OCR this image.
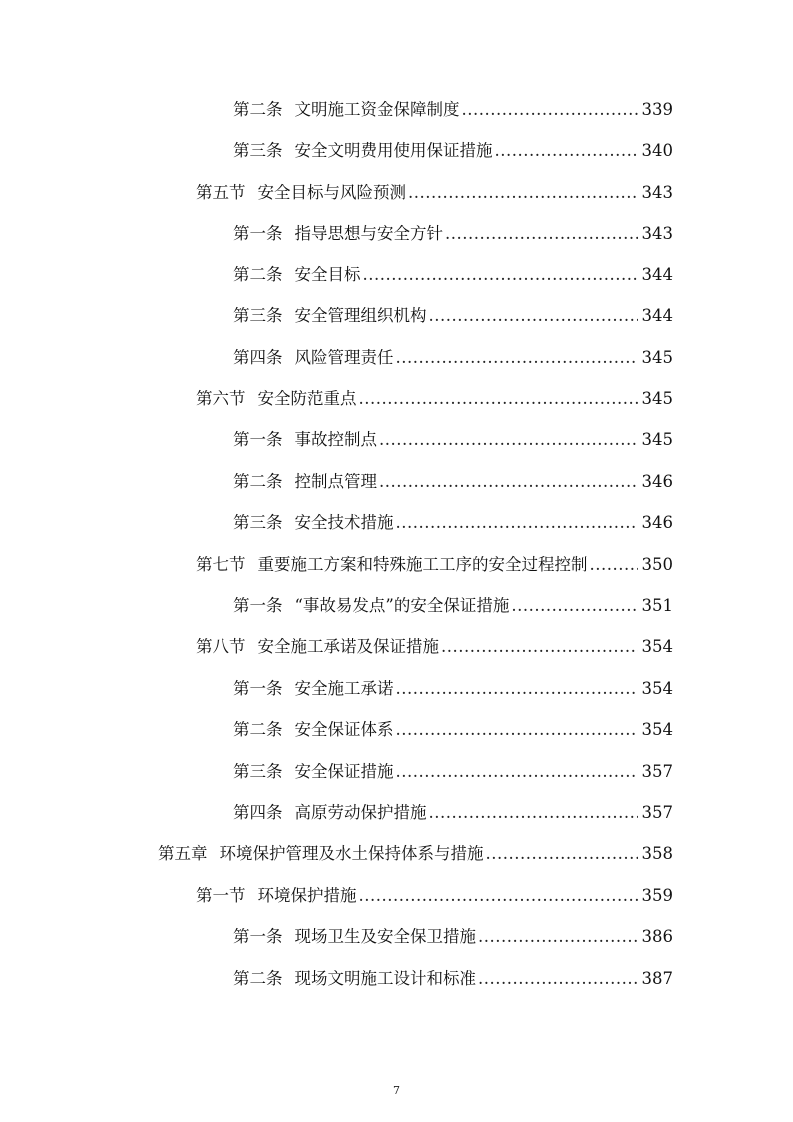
第二条 文明施工资金保障制度 .....	339
第三条 安全文明费用使用保证措施 .....	340
第五节 安全目标与风险预测 .....	343
第一条 指导思想与安全方针 .....	343
第二条 安全目标 .....	344
第三条 安全管理组织机构 .....	344
第四条 风险管理责任 .....	345
第六节 安全防范重点 .....	345
第一条 事故控制点 .....	345
第二条 控制点管理 .....	346
第三条 安全技术措施 .....	346
第七节 重要施工方案和特殊施工工序的安全过程控制 .....	350
第一条 “事故易发点”的安全保证措施 .....	351
第八节 安全施工承诺及保证措施 .....	354
第一条 安全施工承诺 .....	354
第二条 安全保证体系 .....	354
第三条 安全保证措施 .....	357
第四条 高原劳动保护措施 .....	357
第五章 环境保护管理及水土保持体系与措施 .....	358
第一节 环境保护措施 .....	359
第一条 现场卫生及安全保卫措施 .....	386
第二条 现场文明施工设计和标准 .....	387
7
